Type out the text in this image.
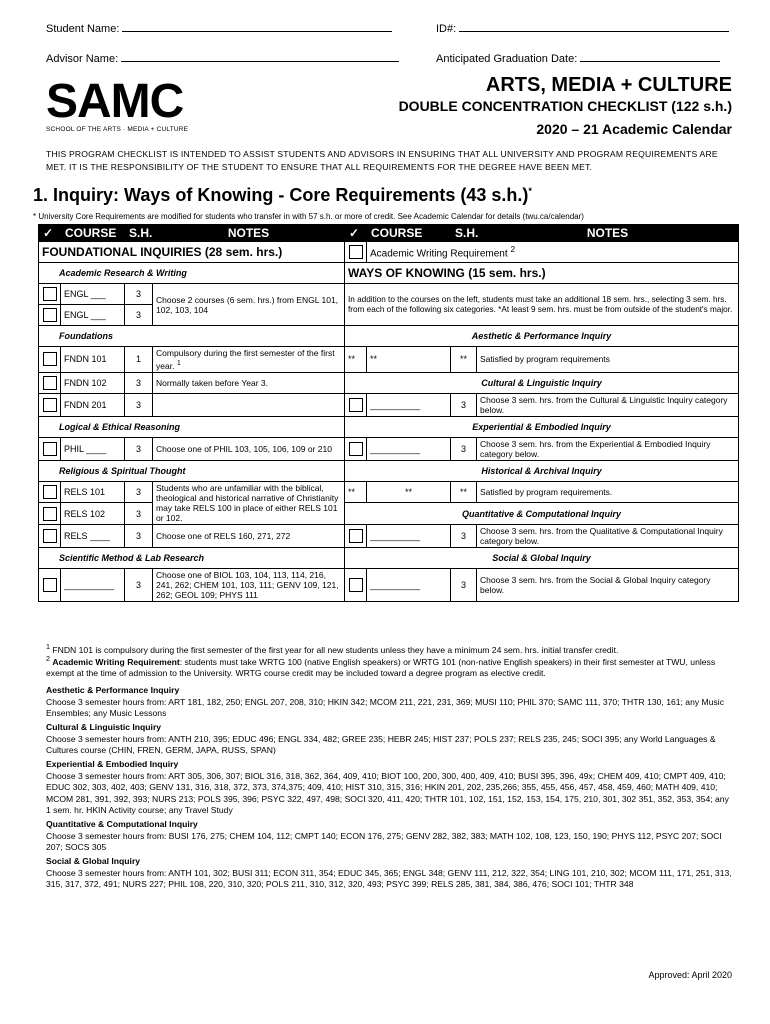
Student Name:	ID#:
Advisor Name:	Anticipated Graduation Date:
SAMC
SCHOOL OF THE ARTS · MEDIA + CULTURE
ARTS, MEDIA + CULTURE
DOUBLE CONCENTRATION CHECKLIST (122 s.h.)
2020 – 21 Academic Calendar
THIS PROGRAM CHECKLIST IS INTENDED TO ASSIST STUDENTS AND ADVISORS IN ENSURING THAT ALL UNIVERSITY AND PROGRAM REQUIREMENTS ARE MET. IT IS THE RESPONSIBILITY OF THE STUDENT TO ENSURE THAT ALL REQUIREMENTS FOR THE DEGREE HAVE BEEN MET.
1. Inquiry: Ways of Knowing - Core Requirements (43 s.h.)*
* University Core Requirements are modified for students who transfer in with 57 s.h. or more of credit. See Academic Calendar for details (twu.ca/calendar)
✓	COURSE	S.H.	NOTES	✓	COURSE	S.H.	NOTES
FOUNDATIONAL INQUIRIES (28 sem. hrs.)					Academic Writing Requirement $^2$
Academic Research & Writing				WAYS OF KNOWING (15 sem. hrs.)			
	ENGL ___	3	Choose 2 courses (6 sem. hrs.) from ENGL 101, 102, 103, 104	In addition to the courses on the left, students must take an additional 18 sem. hrs., selecting 3 sem. hrs. from each of the following six categories. *At least 9 sem. hrs. must be from outside of the student's major.			
	ENGL ___	3					
Foundations				Aesthetic & Performance Inquiry			
	FNDN 101	1	Compulsory during the first semester of the first year. $^1$	**	**	**	Satisfied by program requirements
	FNDN 102	3	Normally taken before Year 3.	Cultural & Linguistic Inquiry			
	FNDN 201	3			__________	3	Choose 3 sem. hrs. from the Cultural & Linguistic Inquiry category below.
Logical & Ethical Reasoning				Experiential & Embodied Inquiry			
	PHIL ____	3	Choose one of PHIL 103, 105, 106, 109 or 210		__________	3	Choose 3 sem. hrs. from the Experiential & Embodied Inquiry category below.
Religious & Spiritual Thought				Historical & Archival Inquiry			
	RELS 101	3	Students who are unfamiliar with the biblical, theological and historical narrative of Christianity may take RELS 100 in place of either RELS 101 or 102.	**	**	**	Satisfied by program requirements.
	RELS 102	3		Quantitative & Computational Inquiry			
	RELS ____	3	Choose one of RELS 160, 271, 272		__________	3	Choose 3 sem. hrs. from the Qualitative & Computational Inquiry category below.
Scientific Method & Lab Research				Social & Global Inquiry			
	__________	3	Choose one of BIOL 103, 104, 113, 114, 216, 241, 262; CHEM 101, 103, 111; GENV 109, 121, 262; GEOL 109; PHYS 111		__________	3	Choose 3 sem. hrs. from the Social & Global Inquiry category below.
$^1$ FNDN 101 is compulsory during the first semester of the first year for all new students unless they have a minimum 24 sem. hrs. initial transfer credit.
$^2$ Academic Writing Requirement: students must take WRTG 100 (native English speakers) or WRTG 101 (non-native English speakers) in their first semester at TWU, unless exempt at the time of admission to the University. WRTG course credit may be included toward a degree program as elective credit.
Aesthetic & Performance Inquiry
Choose 3 semester hours from: ART 181, 182, 250; ENGL 207, 208, 310; HKIN 342; MCOM 211, 221, 231, 369; MUSI 110; PHIL 370; SAMC 111, 370; THTR 130, 161; any Music Ensembles; any Music Lessons
Cultural & Linguistic Inquiry
Choose 3 semester hours from: ANTH 210, 395; EDUC 496; ENGL 334, 482; GREE 235; HEBR 245; HIST 237; POLS 237; RELS 235, 245; SOCI 395; any World Languages & Cultures course (CHIN, FREN, GERM, JAPA, RUSS, SPAN)
Experiential & Embodied Inquiry
Choose 3 semester hours from: ART 305, 306, 307; BIOL 316, 318, 362, 364, 409, 410; BIOT 100, 200, 300, 400, 409, 410; BUSI 395, 396, 49x; CHEM 409, 410; CMPT 409, 410; EDUC 302, 303, 402, 403; GENV 131, 316, 318, 372, 373, 374,375; 409, 410; HIST 310, 315, 316; HKIN 201, 202, 235,266; 355, 455, 456, 457, 458, 459, 460; MATH 409, 410; MCOM 281, 391, 392, 393; NURS 213; POLS 395, 396; PSYC 322, 497, 498; SOCI 320, 411, 420; THTR 101, 102, 151, 152, 153, 154, 175, 210, 301, 302 351, 352, 353, 354; any 1 sem. hr. HKIN Activity course; any Travel Study
Quantitative & Computational Inquiry
Choose 3 semester hours from: BUSI 176, 275; CHEM 104, 112; CMPT 140; ECON 176, 275; GENV 282, 382, 383; MATH 102, 108, 123, 150, 190; PHYS 112, PSYC 207; SOCI 207; SOCS 305
Social & Global Inquiry
Choose 3 semester hours from: ANTH 101, 302; BUSI 311; ECON 311, 354; EDUC 345, 365; ENGL 348; GENV 111, 212, 322, 354; LING 101, 210, 302; MCOM 111, 171, 251, 313, 315, 317, 372, 491; NURS 227; PHIL 108, 220, 310, 320; POLS 211, 310, 312, 320, 493; PSYC 399; RELS 285, 381, 384, 386, 476; SOCI 101; THTR 348
Approved: April 2020
